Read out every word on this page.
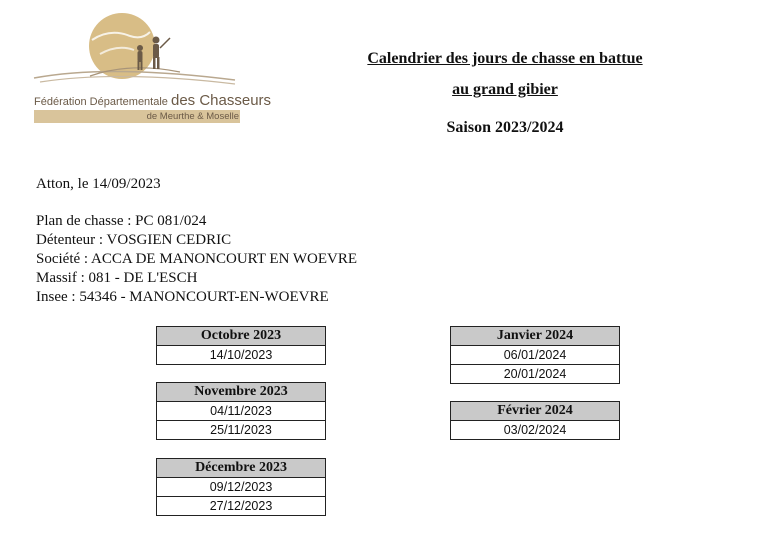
Fédération Départementale des Chasseurs
de Meurthe & Moselle
Calendrier des jours de chasse en battue
au grand gibier
Saison 2023/2024
Atton, le 14/09/2023
Plan de chasse : PC 081/024
Détenteur : VOSGIEN CEDRIC
Société : ACCA DE MANONCOURT EN WOEVRE
Massif : 081 - DE L'ESCH
Insee : 54346 - MANONCOURT-EN-WOEVRE
Octobre 2023
14/10/2023
Novembre 2023
04/11/2023
25/11/2023
Décembre 2023
09/12/2023
27/12/2023
Janvier 2024
06/01/2024
20/01/2024
Février 2024
03/02/2024
